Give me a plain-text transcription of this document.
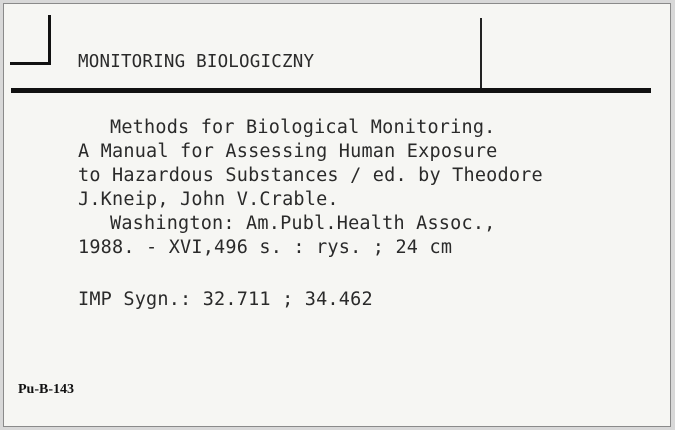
MONITORING BIOLOGICZNY
Methods for Biological Monitoring.
A Manual for Assessing Human Exposure
to Hazardous Substances / ed. by Theodore
J.Kneip, John V.Crable.
Washington: Am.Publ.Health Assoc.,
1988. - XVI,496 s. : rys. ; 24 cm
IMP Sygn.: 32.711 ; 34.462
Pu-B-143
